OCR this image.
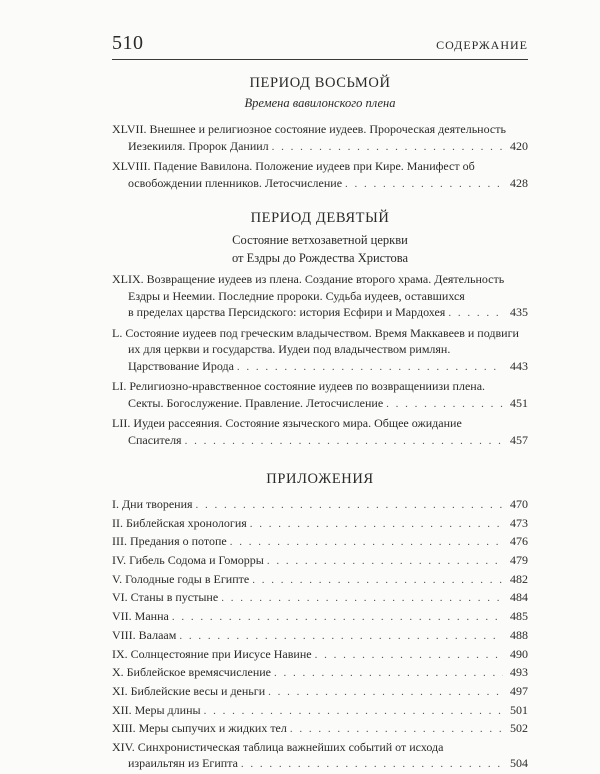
510	СОДЕРЖАНИЕ
ПЕРИОД ВОСЬМОЙ
Времена вавилонского плена
XLVII. Внешнее и религиозное состояние иудеев. Пророческая деятельность
Иезекииля. Пророк Даниил . . .	420
XLVIII. Падение Вавилона. Положение иудеев при Кире. Манифест об
освобождении пленников. Летосчисление . . .	428
ПЕРИОД ДЕВЯТЫЙ
Состояние ветхозаветной церкви
от Ездры до Рождества Христова
XLIX. Возвращение иудеев из плена. Создание второго храма. Деятельность
Ездры и Неемии. Последние пророки. Судьба иудеев, оставшихся
в пределах царства Персидского: история Есфири и Мардохея . . .	435
L. Состояние иудеев под греческим владычеством. Время Маккавеев и подвиги
их для церкви и государства. Иудеи под владычеством римлян.
Царствование Ирода . . .	443
LI. Религиозно-нравственное состояние иудеев по возвращениизи плена.
Секты. Богослужение. Правление. Летосчисление . . .	451
LII. Иудеи рассеяния. Состояние языческого мира. Общее ожидание
Спасителя . . .	457
ПРИЛОЖЕНИЯ
I. Дни творения . . .	470
II. Библейская хронология . . .	473
III. Предания о потопе . . .	476
IV. Гибель Содома и Гоморры . . .	479
V. Голодные годы в Египте . . .	482
VI. Станы в пустыне . . .	484
VII. Манна . . .	485
VIII. Валаам . . .	488
IX. Солнцестояние при Иисусе Навине . . .	490
X. Библейское времясчисление . . .	493
XI. Библейские весы и деньги . . .	497
XII. Меры длины . . .	501
XIII. Меры сыпучих и жидких тел . . .	502
XIV. Синхронистическая таблица важнейших событий от исхода
израильтян из Египта . . .	504
